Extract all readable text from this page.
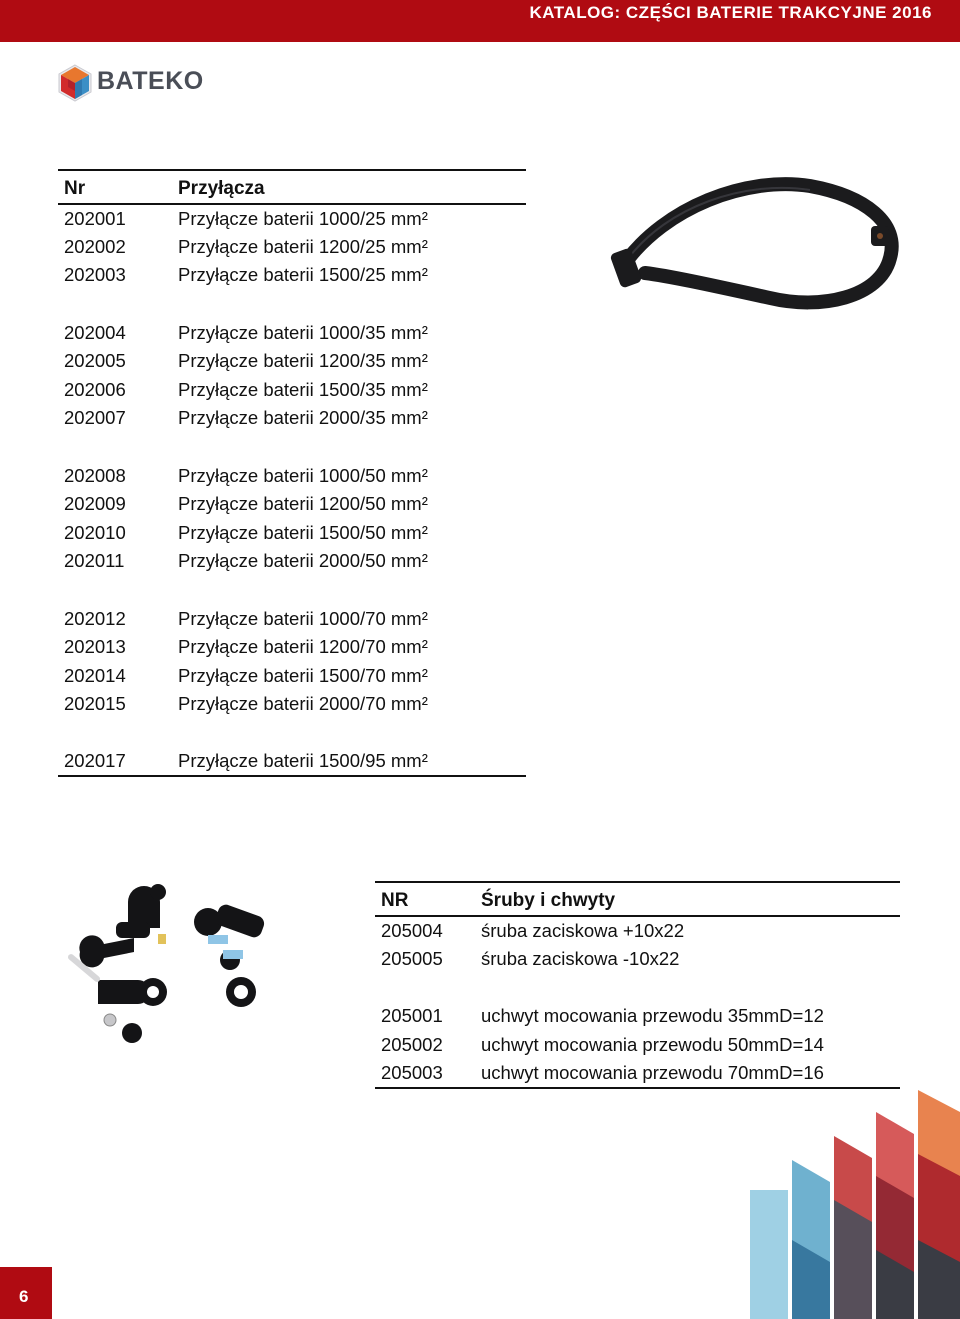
KATALOG: CZĘŚCI BATERIE TRAKCYJNE 2016
BATEKO
Nr	Przyłącza
202001	Przyłącze baterii 1000/25 mm²
202002	Przyłącze baterii 1200/25 mm²
202003	Przyłącze baterii 1500/25 mm²

202004	Przyłącze baterii 1000/35 mm²
202005	Przyłącze baterii 1200/35 mm²
202006	Przyłącze baterii 1500/35 mm²
202007	Przyłącze baterii 2000/35 mm²

202008	Przyłącze baterii 1000/50 mm²
202009	Przyłącze baterii 1200/50 mm²
202010	Przyłącze baterii 1500/50 mm²
202011	Przyłącze baterii 2000/50 mm²

202012	Przyłącze baterii 1000/70 mm²
202013	Przyłącze baterii 1200/70 mm²
202014	Przyłącze baterii 1500/70 mm²
202015	Przyłącze baterii 2000/70 mm²

202017	Przyłącze baterii 1500/95 mm²
NR	Śruby i chwyty
205004	śruba zaciskowa +10x22
205005	śruba zaciskowa -10x22

205001	uchwyt mocowania przewodu 35mmD=12
205002	uchwyt mocowania przewodu 50mmD=14
205003	uchwyt mocowania przewodu 70mmD=16
6
